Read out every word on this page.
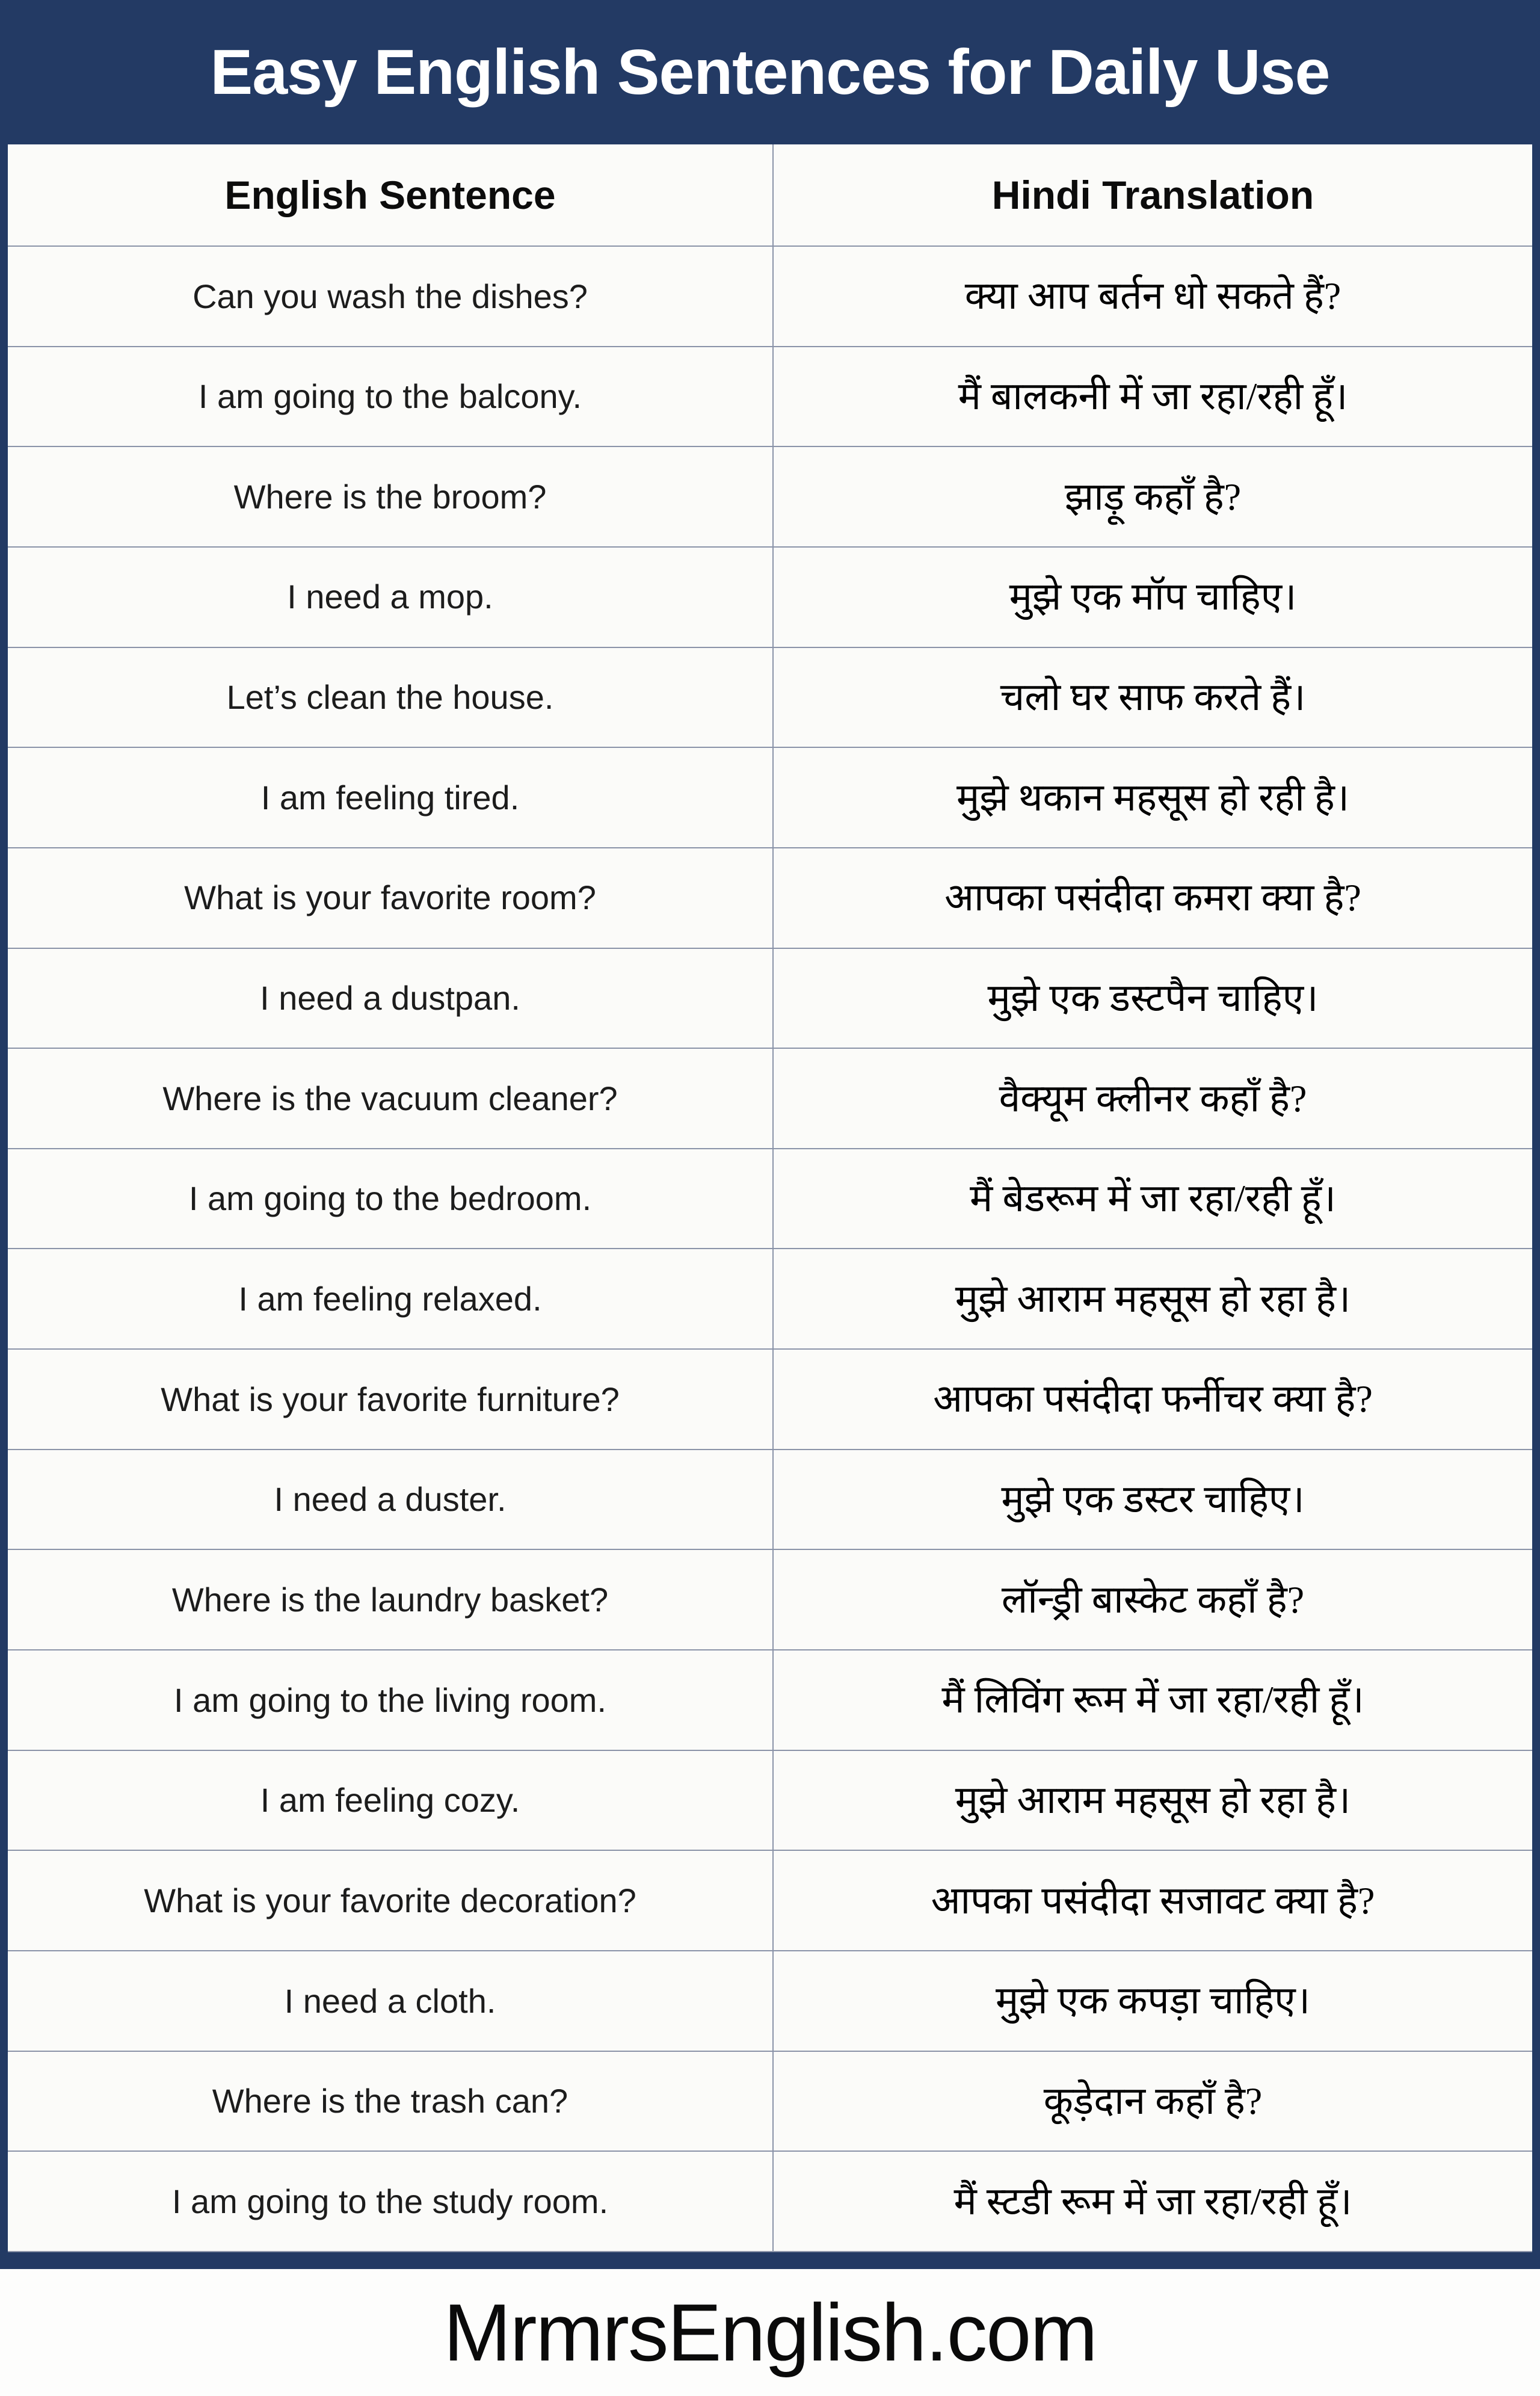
Easy English Sentences for Daily Use
English Sentence	Hindi Translation
Can you wash the dishes?	क्या आप बर्तन धो सकते हैं?
I am going to the balcony.	मैं बालकनी में जा रहा/रही हूँ।
Where is the broom?	झाड़ू कहाँ है?
I need a mop.	मुझे एक मॉप चाहिए।
Let’s clean the house.	चलो घर साफ करते हैं।
I am feeling tired.	मुझे थकान महसूस हो रही है।
What is your favorite room?	आपका पसंदीदा कमरा क्या है?
I need a dustpan.	मुझे एक डस्टपैन चाहिए।
Where is the vacuum cleaner?	वैक्यूम क्लीनर कहाँ है?
I am going to the bedroom.	मैं बेडरूम में जा रहा/रही हूँ।
I am feeling relaxed.	मुझे आराम महसूस हो रहा है।
What is your favorite furniture?	आपका पसंदीदा फर्नीचर क्या है?
I need a duster.	मुझे एक डस्टर चाहिए।
Where is the laundry basket?	लॉन्ड्री बास्केट कहाँ है?
I am going to the living room.	मैं लिविंग रूम में जा रहा/रही हूँ।
I am feeling cozy.	मुझे आराम महसूस हो रहा है।
What is your favorite decoration?	आपका पसंदीदा सजावट क्या है?
I need a cloth.	मुझे एक कपड़ा चाहिए।
Where is the trash can?	कूड़ेदान कहाँ है?
I am going to the study room.	मैं स्टडी रूम में जा रहा/रही हूँ।
MrmrsEnglish.com
